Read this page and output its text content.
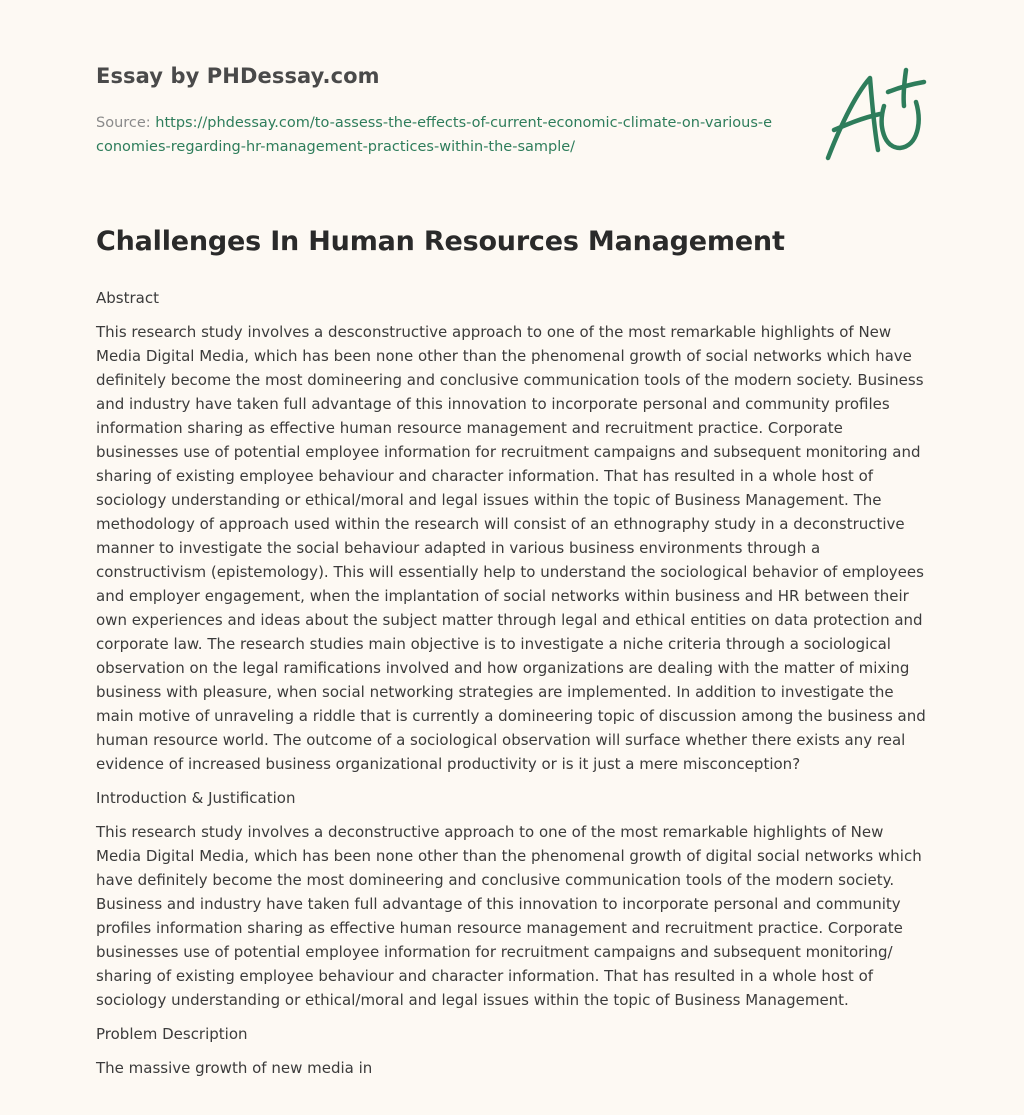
Essay by PHDessay.com
Source: https://phdessay.com/to-assess-the-effects-of-current-economic-climate-on-various-economies-regarding-hr-management-practices-within-the-sample/
Challenges In Human Resources Management

Abstract

This research study involves a desconstructive approach to one of the most remarkable highlights of New Media Digital Media, which has been none other than the phenomenal growth of social networks which have definitely become the most domineering and conclusive communication tools of the modern society. Business and industry have taken full advantage of this innovation to incorporate personal and community profiles information sharing as effective human resource management and recruitment practice. Corporate businesses use of potential employee information for recruitment campaigns and subsequent monitoring and sharing of existing employee behaviour and character information. That has resulted in a whole host of sociology understanding or ethical/moral and legal issues within the topic of Business Management. The methodology of approach used within the research will consist of an ethnography study in a deconstructive manner to investigate the social behaviour adapted in various business environments through a constructivism (epistemology). This will essentially help to understand the sociological behavior of employees and employer engagement, when the implantation of social networks within business and HR between their own experiences and ideas about the subject matter through legal and ethical entities on data protection and corporate law. The research studies main objective is to investigate a niche criteria through a sociological observation on the legal ramifications involved and how organizations are dealing with the matter of mixing business with pleasure, when social networking strategies are implemented. In addition to investigate the main motive of unraveling a riddle that is currently a domineering topic of discussion among the business and human resource world. The outcome of a sociological observation will surface whether there exists any real evidence of increased business organizational productivity or is it just a mere misconception?

Introduction & Justification

This research study involves a deconstructive approach to one of the most remarkable highlights of New Media Digital Media, which has been none other than the phenomenal growth of digital social networks which have definitely become the most domineering and conclusive communication tools of the modern society. Business and industry have taken full advantage of this innovation to incorporate personal and community profiles information sharing as effective human resource management and recruitment practice. Corporate businesses use of potential employee information for recruitment campaigns and subsequent monitoring/ sharing of existing employee behaviour and character information. That has resulted in a whole host of sociology understanding or ethical/moral and legal issues within the topic of Business Management.

Problem Description

The massive growth of new media in
